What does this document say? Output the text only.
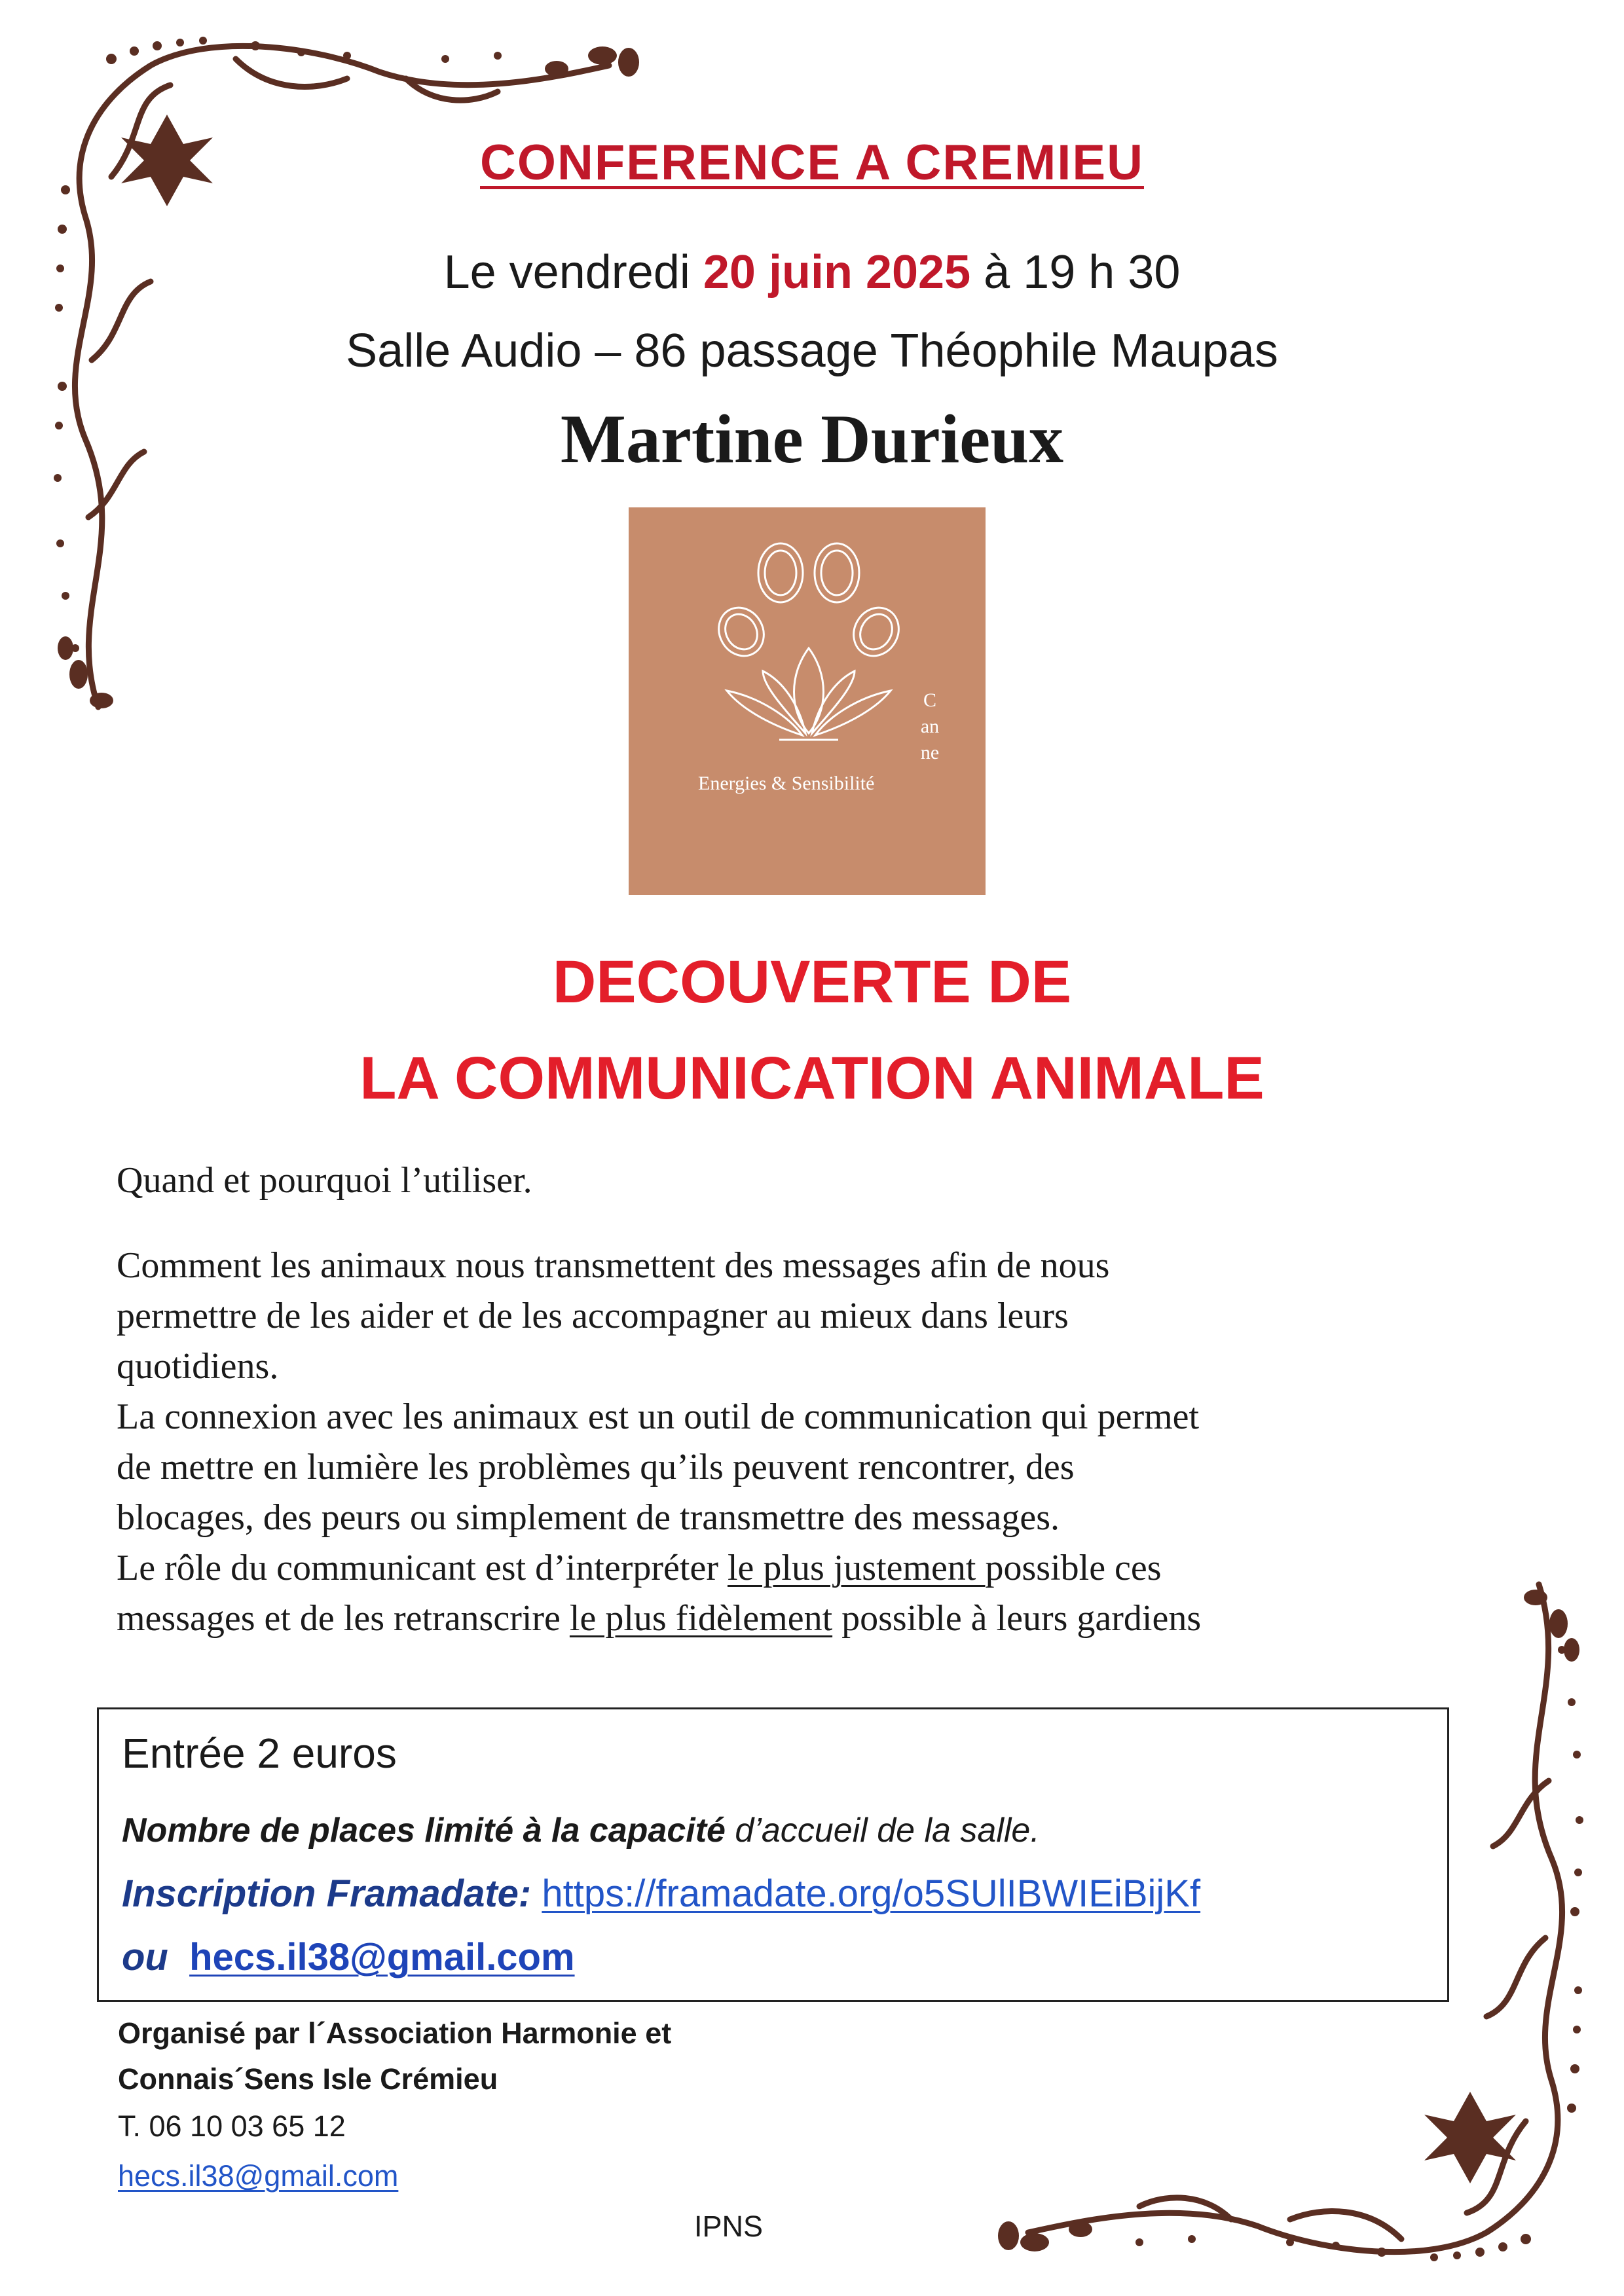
CONFERENCE A CREMIEU
Le vendredi 20 juin 2025 à 19 h 30
Salle Audio – 86 passage Théophile Maupas
Martine Durieux
Energies & Sensibilité
Canne
DECOUVERTE DE
LA COMMUNICATION ANIMALE
Quand et pourquoi l’utiliser.
Comment les animaux nous transmettent des messages afin de nous
permettre de les aider et de les accompagner au mieux dans leurs
quotidiens.
La connexion avec les animaux est un outil de communication qui permet
de mettre en lumière les problèmes qu’ils peuvent rencontrer, des
blocages, des peurs ou simplement de transmettre des messages.
Le rôle du communicant est d’interpréter le plus justement possible ces
messages et de les retranscrire le plus fidèlement possible à leurs gardiens
Entrée 2 euros
Nombre de places limité à la capacité d’accueil de la salle.
Inscription Framadate: https://framadate.org/o5SUlIBWIEiBijKf
ou hecs.il38@gmail.com
Organisé par l´Association Harmonie et
Connais´Sens Isle Crémieu
T. 06 10 03 65 12
hecs.il38@gmail.com
IPNS
